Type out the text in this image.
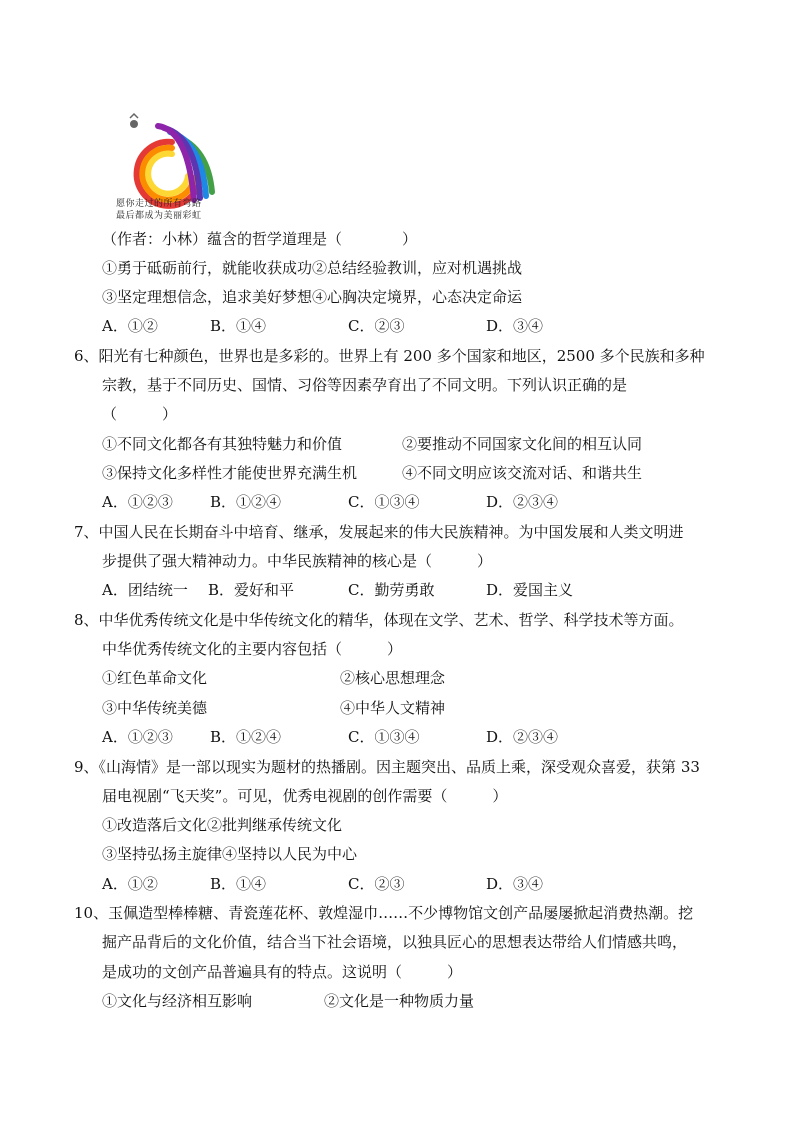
愿你走过的所有弯路
最后都成为美丽彩虹
（作者：小林）蕴含的哲学道理是（　　　　）
①勇于砥砺前行，就能收获成功②总结经验教训，应对机遇挑战
③坚定理想信念，追求美好梦想④心胸决定境界，心态决定命运
A．①②	B．①④	C．②③	D．③④
6、阳光有七种颜色，世界也是多彩的。世界上有 200 多个国家和地区，2500 多个民族和多种
宗教，基于不同历史、国情、习俗等因素孕育出了不同文明。下列认识正确的是
（　　　）
①不同文化都各有其独特魅力和价值	②要推动不同国家文化间的相互认同
③保持文化多样性才能使世界充满生机	④不同文明应该交流对话、和谐共生
A．①②③ B．①②④	C．①③④	D．②③④
7、中国人民在长期奋斗中培育、继承，发展起来的伟大民族精神。为中国发展和人类文明进
步提供了强大精神动力。中华民族精神的核心是（　　　）
A．团结统一 B．爱好和平	C．勤劳勇敢	D．爱国主义
8、中华优秀传统文化是中华传统文化的精华，体现在文学、艺术、哲学、科学技术等方面。
中华优秀传统文化的主要内容包括（　　　）
①红色革命文化	②核心思想理念
③中华传统美德	④中华人文精神
A．①②③ B．①②④	C．①③④	D．②③④
9、《山海情》是一部以现实为题材的热播剧。因主题突出、品质上乘，深受观众喜爱，获第 33
届电视剧“飞天奖”。可见，优秀电视剧的创作需要（　　　）
①改造落后文化②批判继承传统文化
③坚持弘扬主旋律④坚持以人民为中心
A．①②	B．①④	C．②③	D．③④
10、玉佩造型棒棒糖、青瓷莲花杯、敦煌湿巾……不少博物馆文创产品屡屡掀起消费热潮。挖
掘产品背后的文化价值，结合当下社会语境，以独具匠心的思想表达带给人们情感共鸣，
是成功的文创产品普遍具有的特点。这说明（　　　）
①文化与经济相互影响	②文化是一种物质力量
